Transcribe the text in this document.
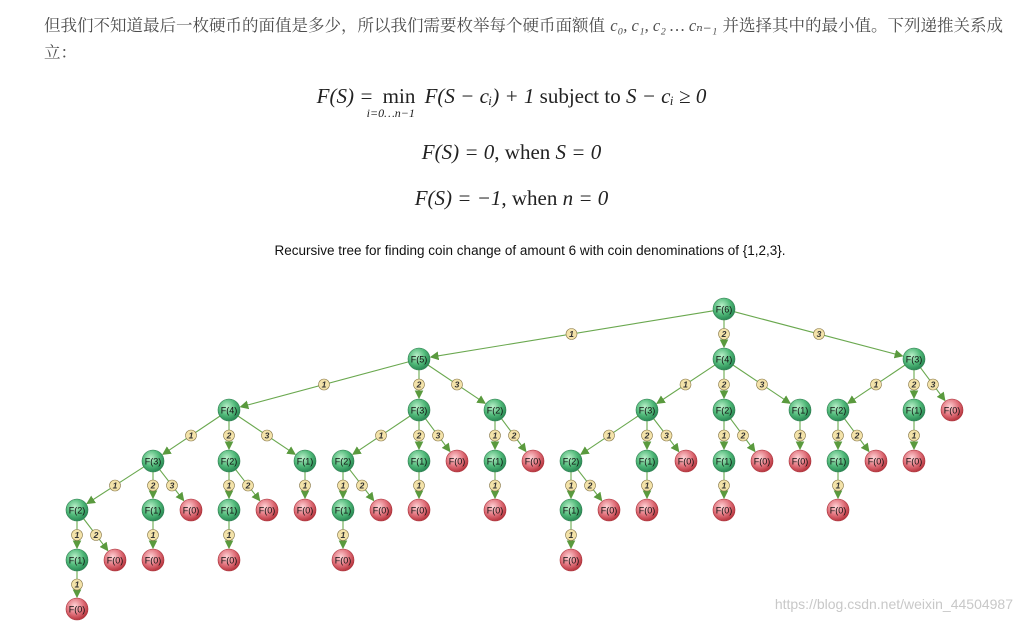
但我们不知道最后一枚硬币的面值是多少，所以我们需要枚举每个硬币面额值 c₀, c₁, c₂ … cₙ₋₁ 并选择其中的最小值。下列递推关系成立：
F(S) = min
i=0…n−1
F(S − cᵢ) + 1 subject to S − cᵢ ≥ 0
F(S) = 0, when S = 0
F(S) = −1, when n = 0
Recursive tree for finding coin change of amount 6 with coin denominations of {1,2,3}.
1	2	3
1	2	3	1	2	3	1	2 3
1	2	3	1	2 3	1 2	1	2 3	1 2	1	1 2	1
1	2 3	1 2	1	1 2	1	1	1 2	1	1	1
1 2	1	1	1	1
1
F(6)
F(5)	F(4)	F(3)
F(4)	F(3)	F(2)	F(3)	F(2)	F(1) F(2)	F(1) F(0)
F(3)	F(2)	F(1) F(2)	F(1) F(0) F(1) F(0) F(2)	F(1)	F(0) F(1) F(0) F(0) F(1) F(0) F(0)
F(2)	F(1) F(0) F(1) F(0) F(0) F(1) F(0) F(0)	F(0)	F(1) F(0) F(0)	F(0)	F(0)
F(1) F(0) F(0)	F(0)	F(0)	F(0)
F(0)	https://blog.csdn.net/weixin_44504987
